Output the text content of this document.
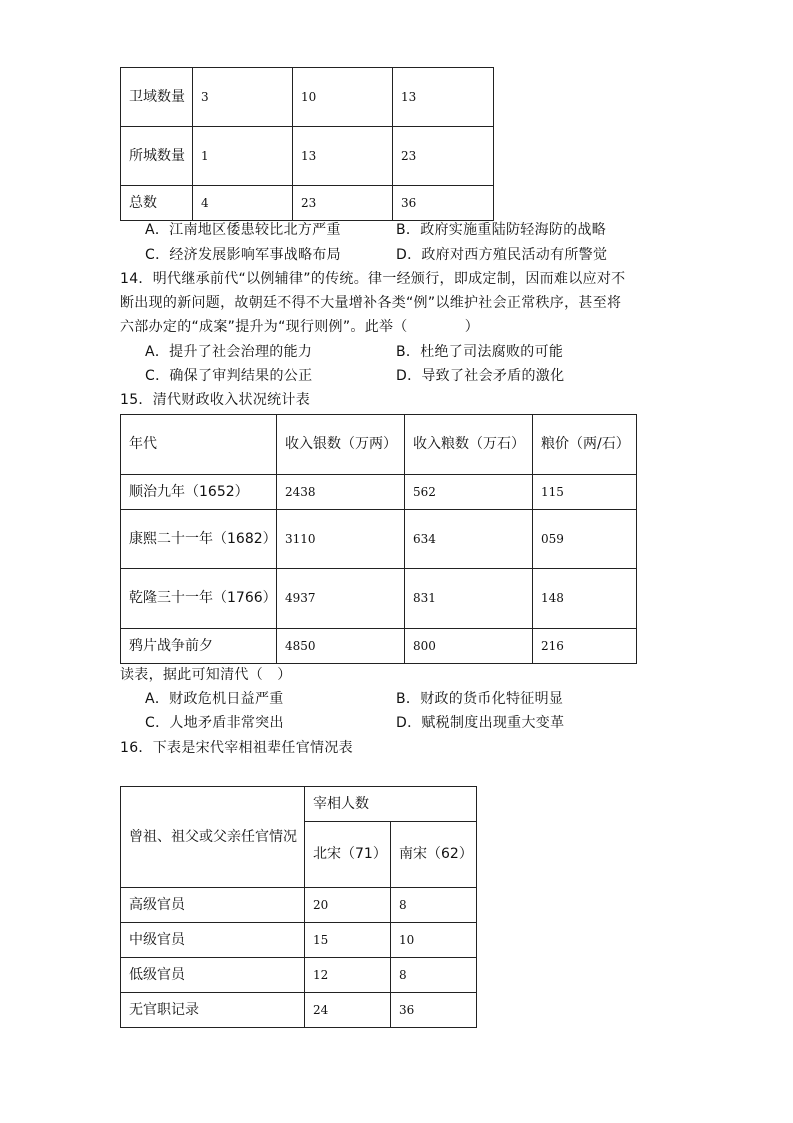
卫域数量	3	10	13
所城数量	1	13	23
总数	4	23	36
A．江南地区倭患较比北方严重	B．政府实施重陆防轻海防的战略
C．经济发展影响军事战略布局	D．政府对西方殖民活动有所警觉
14．明代继承前代“以例辅律”的传统。律一经颁行，即成定制，因而难以应对不
断出现的新问题，故朝廷不得不大量增补各类“例”以维护社会正常秩序，甚至将
六部办定的“成案”提升为“现行则例”。此举（　　　　）
A．提升了社会治理的能力	B．杜绝了司法腐败的可能
C．确保了审判结果的公正	D．导致了社会矛盾的激化
15．清代财政收入状况统计表
年代	收入银数（万两）	收入粮数（万石）	粮价（两/石）
顺治九年（1652）	2438	562	115
康熙二十一年（1682）	3110	634	059
乾隆三十一年（1766）	4937	831	148
鸦片战争前夕	4850	800	216
读表，据此可知清代（　）
A．财政危机日益严重	B．财政的货币化特征明显
C．人地矛盾非常突出	D．赋税制度出现重大变革
16．下表是宋代宰相祖辈任官情况表
曾祖、祖父或父亲任官情况	宰相人数	
	北宋（71）	南宋（62）
高级官员	20	8
中级官员	15	10
低级官员	12	8
无官职记录	24	36
